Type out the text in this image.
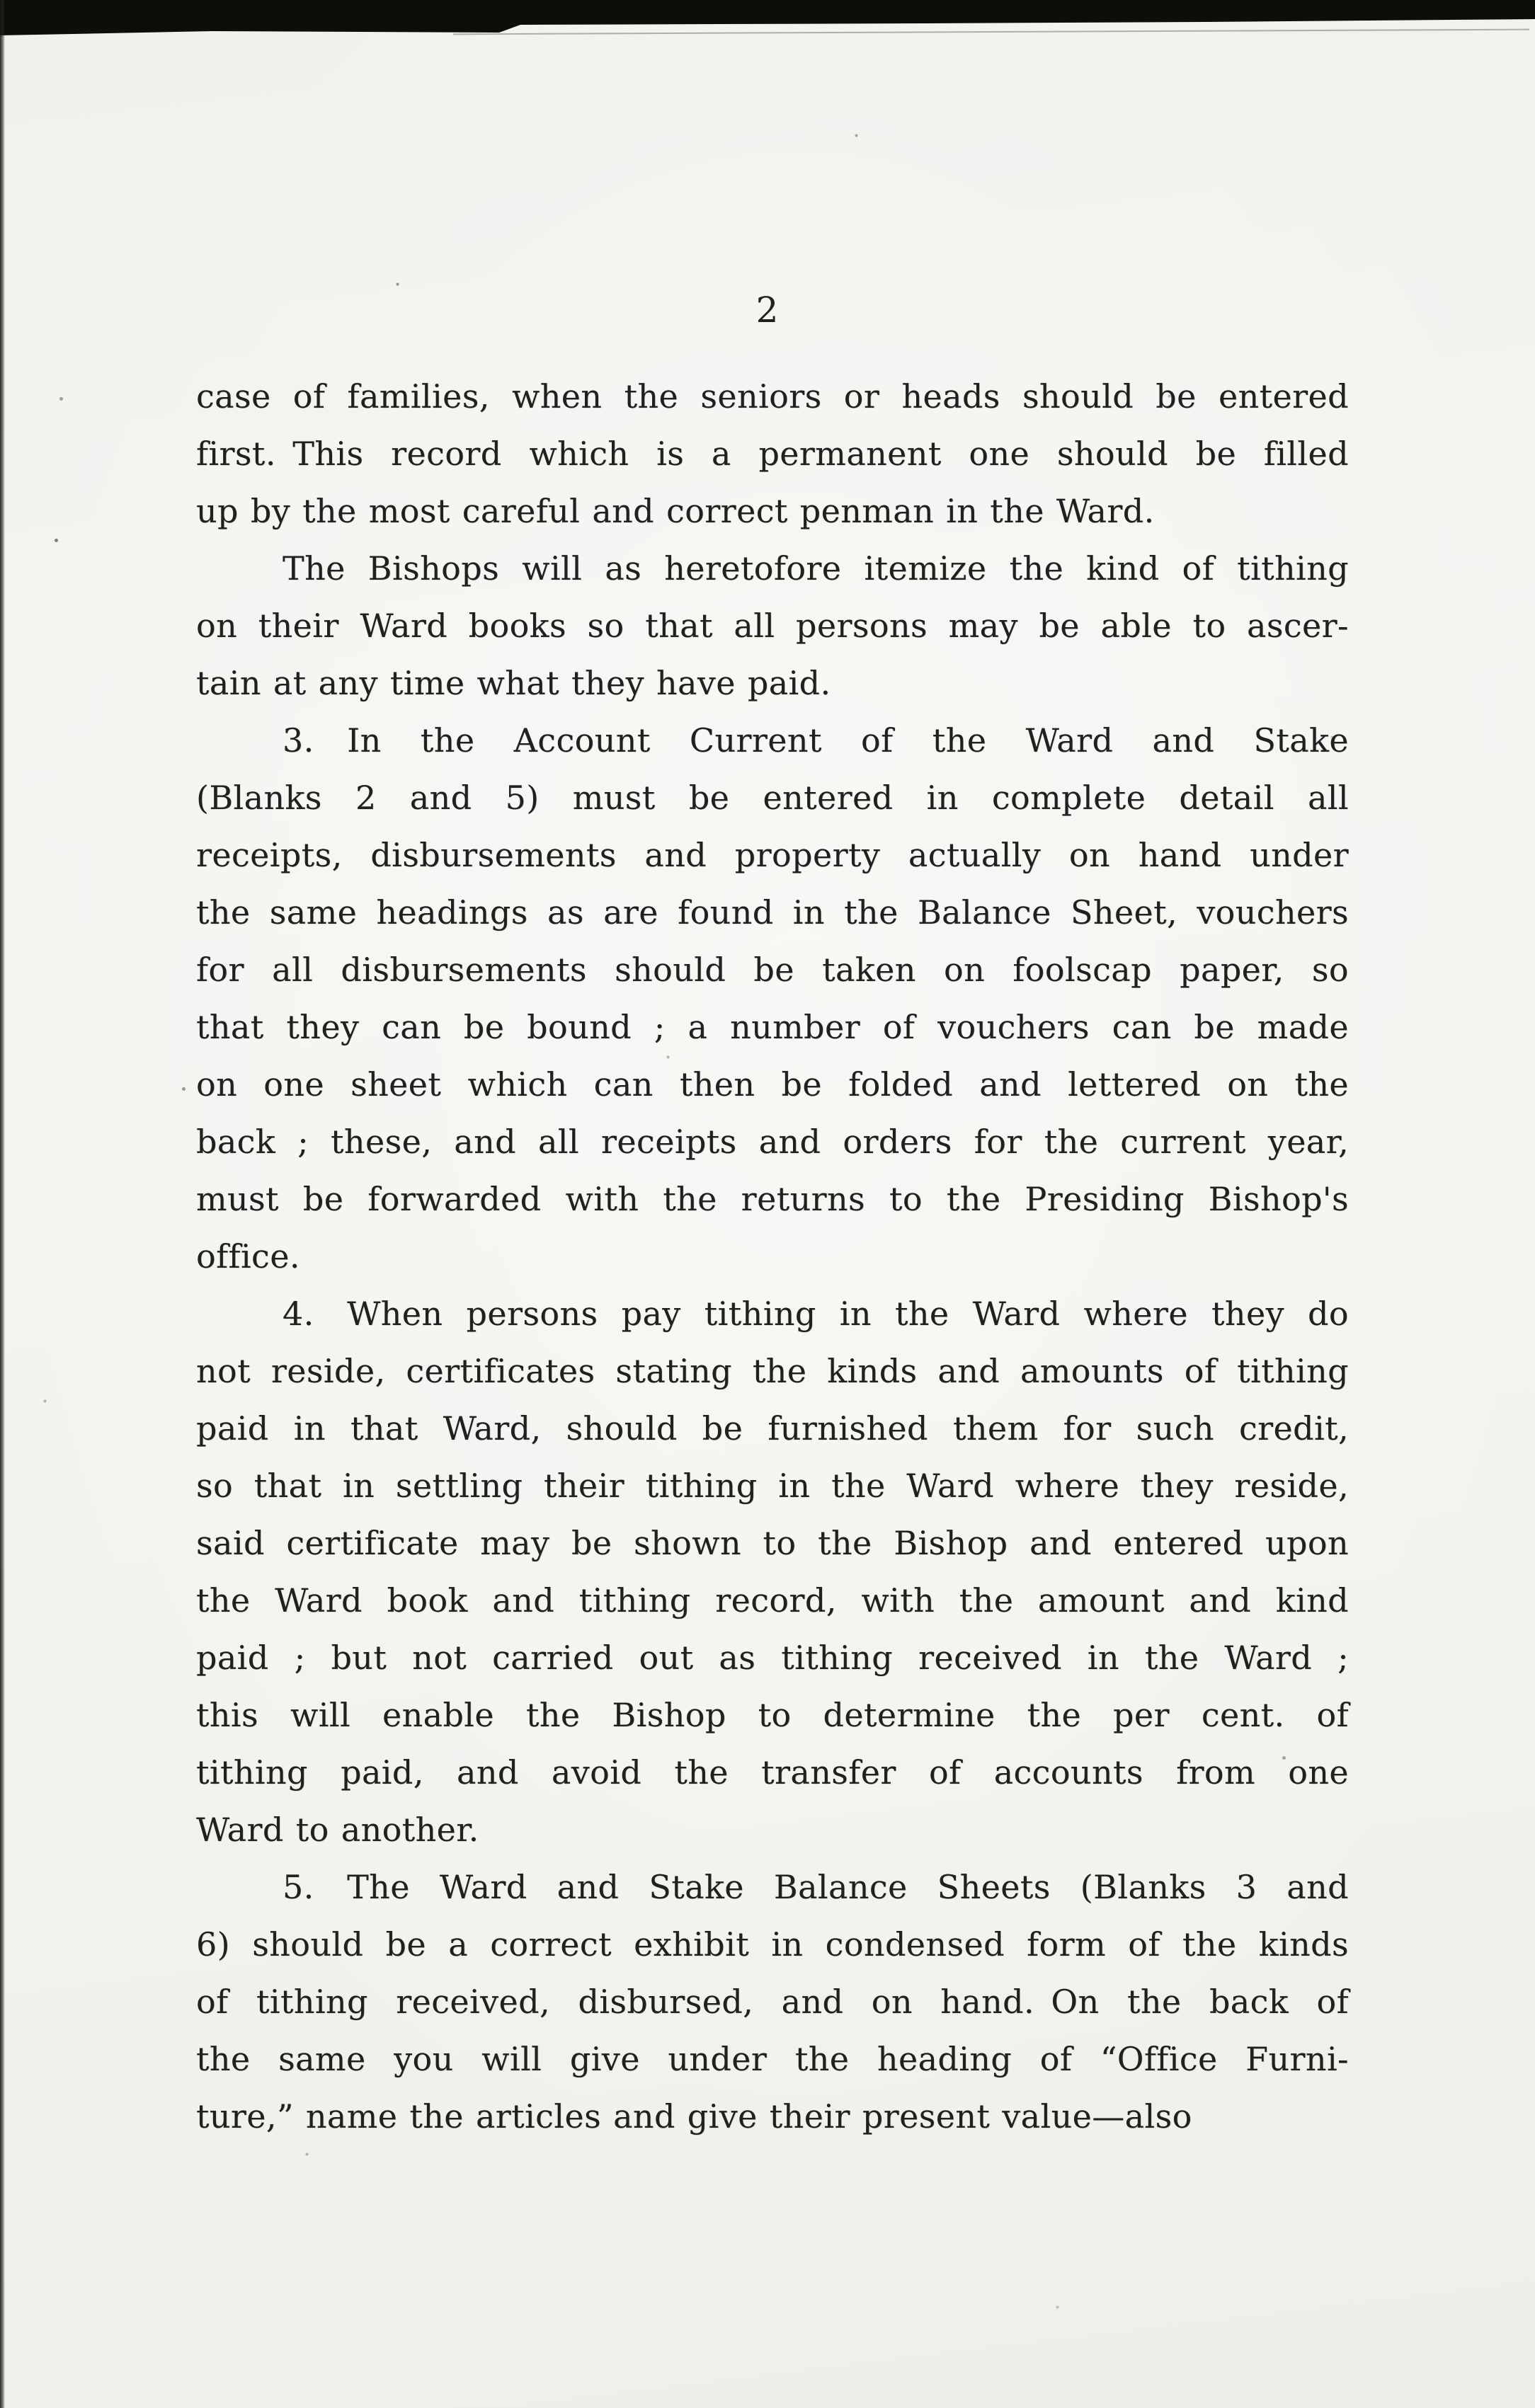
2
case of families, when the seniors or heads should be entered
first. This record which is a permanent one should be filled
up by the most careful and correct penman in the Ward.
The Bishops will as heretofore itemize the kind of tithing
on their Ward books so that all persons may be able to ascer-
tain at any time what they have paid.
3. In the Account Current of the Ward and Stake
(Blanks 2 and 5) must be entered in complete detail all
receipts, disbursements and property actually on hand under
the same headings as are found in the Balance Sheet, vouchers
for all disbursements should be taken on foolscap paper, so
that they can be bound ; a number of vouchers can be made
on one sheet which can then be folded and lettered on the
back ; these, and all receipts and orders for the current year,
must be forwarded with the returns to the Presiding Bishop's
office.
4. When persons pay tithing in the Ward where they do
not reside, certificates stating the kinds and amounts of tithing
paid in that Ward, should be furnished them for such credit,
so that in settling their tithing in the Ward where they reside,
said certificate may be shown to the Bishop and entered upon
the Ward book and tithing record, with the amount and kind
paid ; but not carried out as tithing received in the Ward ;
this will enable the Bishop to determine the per cent. of
tithing paid, and avoid the transfer of accounts from one
Ward to another.
5. The Ward and Stake Balance Sheets (Blanks 3 and
6) should be a correct exhibit in condensed form of the kinds
of tithing received, disbursed, and on hand. On the back of
the same you will give under the heading of “Office Furni-
ture,” name the articles and give their present value—also
